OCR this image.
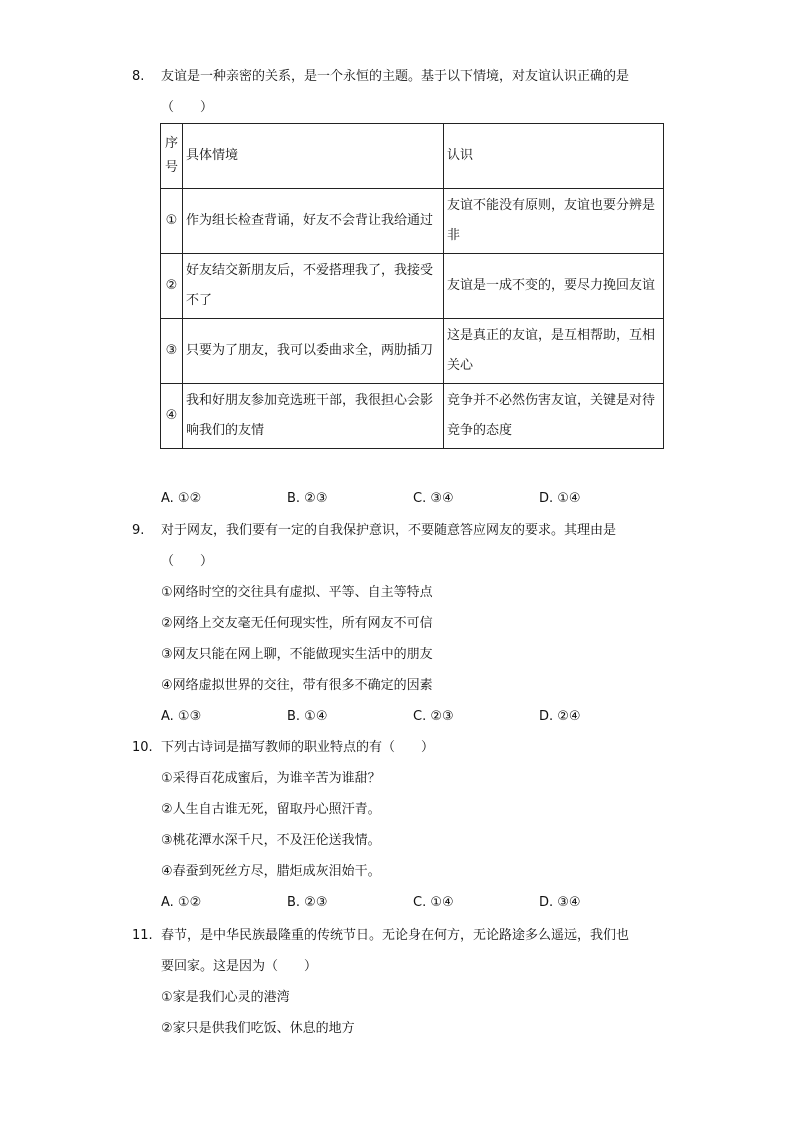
8.	友谊是一种亲密的关系，是一个永恒的主题。基于以下情境，对友谊认识正确的是
（　　）
序号	具体情境	认识
①	作为组长检查背诵，好友不会背让我给通过	友谊不能没有原则，友谊也要分辨是非
②	好友结交新朋友后，不爱搭理我了，我接受不了	友谊是一成不变的，要尽力挽回友谊
③	只要为了朋友，我可以委曲求全，两肋插刀	这是真正的友谊，是互相帮助，互相关心
④	我和好朋友参加竞选班干部，我很担心会影响我们的友情	竞争并不必然伤害友谊，关键是对待竞争的态度
A. ①②	B. ②③	C. ③④	D. ①④
9.	对于网友，我们要有一定的自我保护意识，不要随意答应网友的要求。其理由是
（　　）
①网络时空的交往具有虚拟、平等、自主等特点
②网络上交友毫无任何现实性，所有网友不可信
③网友只能在网上聊，不能做现实生活中的朋友
④网络虚拟世界的交往，带有很多不确定的因素
A. ①③	B. ①④	C. ②③	D. ②④
10. 下列古诗词是描写教师的职业特点的有（　　）
①采得百花成蜜后，为谁辛苦为谁甜？
②人生自古谁无死，留取丹心照汗青。
③桃花潭水深千尺，不及汪伦送我情。
④春蚕到死丝方尽，腊炬成灰泪始干。
A. ①②	B. ②③	C. ①④	D. ③④
11. 春节，是中华民族最隆重的传统节日。无论身在何方，无论路途多么遥远，我们也
要回家。这是因为（　　）
①家是我们心灵的港湾
②家只是供我们吃饭、休息的地方
